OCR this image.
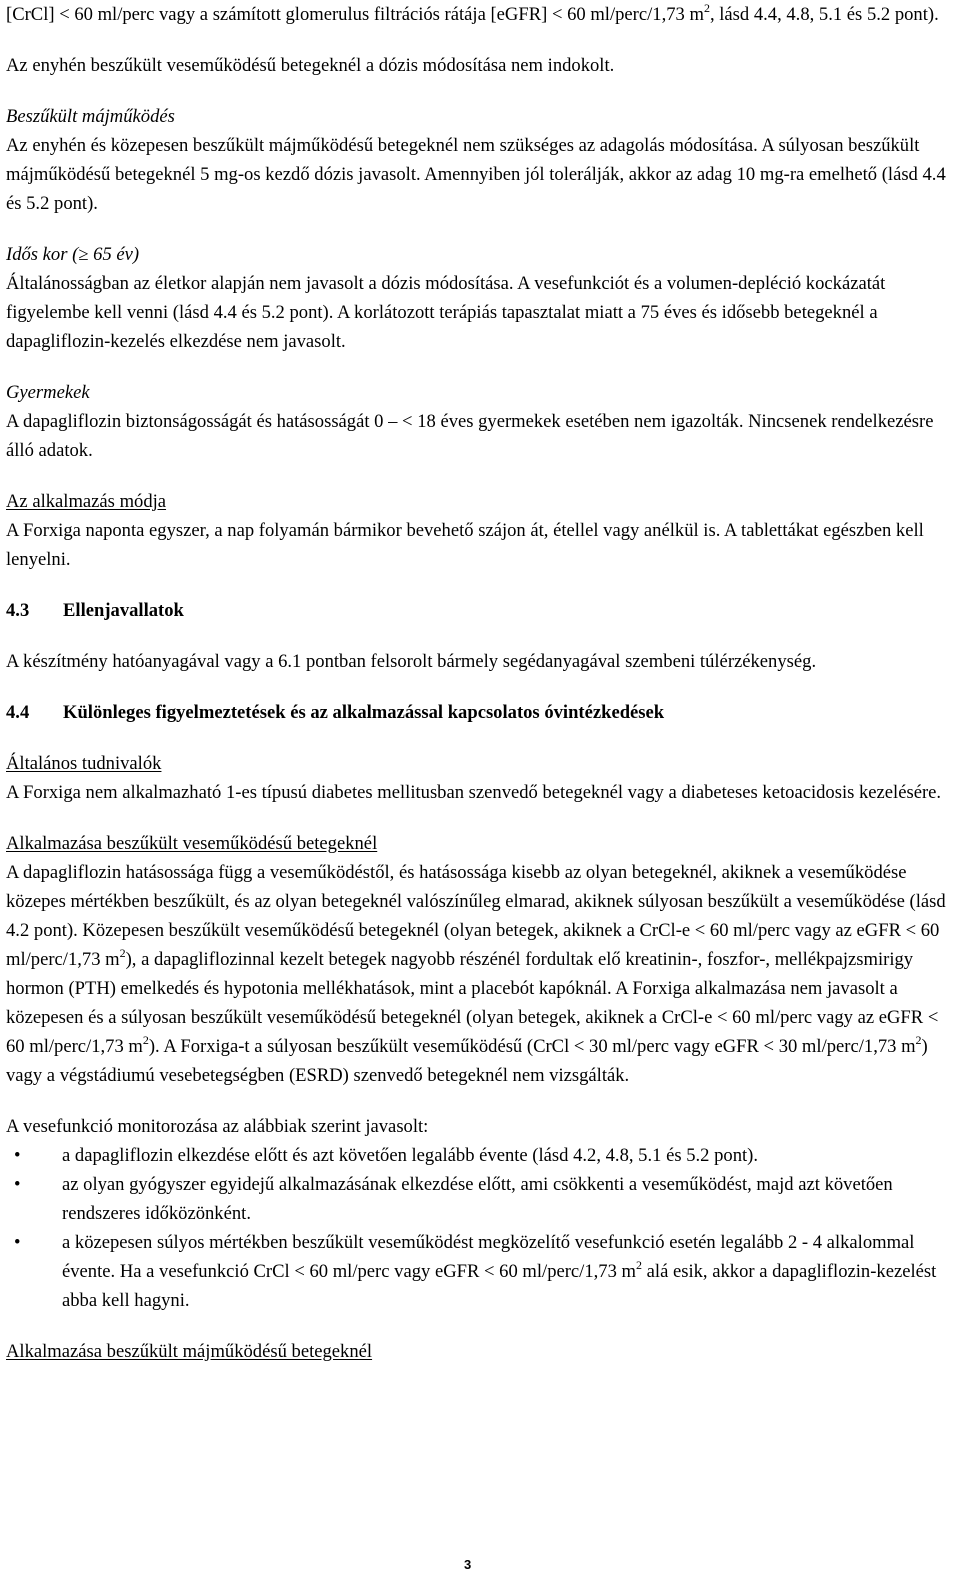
[CrCl] < 60 ml/perc vagy a számított glomerulus filtrációs rátája [eGFR] < 60 ml/perc/1,73 $m^2$, lásd 4.4, 4.8, 5.1 és 5.2 pont).

Az enyhén beszűkült veseműködésű betegeknél a dózis módosítása nem indokolt.

Beszűkült májműködés

Az enyhén és közepesen beszűkült májműködésű betegeknél nem szükséges az adagolás módosítása. A súlyosan beszűkült májműködésű betegeknél 5 mg-os kezdő dózis javasolt. Amennyiben jól tolerálják, akkor az adag 10 mg-ra emelhető (lásd 4.4 és 5.2 pont).

Idős kor (≥ 65 év)

Általánosságban az életkor alapján nem javasolt a dózis módosítása. A vesefunkciót és a volumen-depléció kockázatát figyelembe kell venni (lásd 4.4 és 5.2 pont). A korlátozott terápiás tapasztalat miatt a 75 éves és idősebb betegeknél a dapagliflozin-kezelés elkezdése nem javasolt.

Gyermekek

A dapagliflozin biztonságosságát és hatásosságát 0 – < 18 éves gyermekek esetében nem igazolták. Nincsenek rendelkezésre álló adatok.

Az alkalmazás módja

A Forxiga naponta egyszer, a nap folyamán bármikor bevehető szájon át, étellel vagy anélkül is. A tablettákat egészben kell lenyelni.

4.3	Ellenjavallatok

A készítmény hatóanyagával vagy a 6.1 pontban felsorolt bármely segédanyagával szembeni túlérzékenység.

4.4	Különleges figyelmeztetések és az alkalmazással kapcsolatos óvintézkedések

Általános tudnivalók

A Forxiga nem alkalmazható 1-es típusú diabetes mellitusban szenvedő betegeknél vagy a diabeteses ketoacidosis kezelésére.

Alkalmazása beszűkült veseműködésű betegeknél

A dapagliflozin hatásossága függ a veseműködéstől, és hatásossága kisebb az olyan betegeknél, akiknek a veseműködése közepes mértékben beszűkült, és az olyan betegeknél valószínűleg elmarad, akiknek súlyosan beszűkült a veseműködése (lásd 4.2 pont). Közepesen beszűkült veseműködésű betegeknél (olyan betegek, akiknek a CrCl-e < 60 ml/perc vagy az eGFR < 60 ml/perc/1,73 $m^2$), a dapagliflozinnal kezelt betegek nagyobb részénél fordultak elő kreatinin-, foszfor-, mellékpajzsmirigy hormon (PTH) emelkedés és hypotonia mellékhatások, mint a placebót kapóknál. A Forxiga alkalmazása nem javasolt a közepesen és a súlyosan beszűkült veseműködésű betegeknél (olyan betegek, akiknek a CrCl-e < 60 ml/perc vagy az eGFR < 60 ml/perc/1,73 $m^2$). A Forxiga-t a súlyosan beszűkült veseműködésű (CrCl < 30 ml/perc vagy eGFR < 30 ml/perc/1,73 $m^2$) vagy a végstádiumú vesebetegségben (ESRD) szenvedő betegeknél nem vizsgálták.

A vesefunkció monitorozása az alábbiak szerint javasolt:

• a dapagliflozin elkezdése előtt és azt követően legalább évente (lásd 4.2, 4.8, 5.1 és 5.2 pont).
• az olyan gyógyszer egyidejű alkalmazásának elkezdése előtt, ami csökkenti a veseműködést, majd azt követően rendszeres időközönként.
• a közepesen súlyos mértékben beszűkült veseműködést megközelítő vesefunkció esetén legalább 2 - 4 alkalommal évente. Ha a vesefunkció CrCl < 60 ml/perc vagy eGFR < 60 ml/perc/1,73 $m^2$ alá esik, akkor a dapagliflozin-kezelést abba kell hagyni.

Alkalmazása beszűkült májműködésű betegeknél

3
